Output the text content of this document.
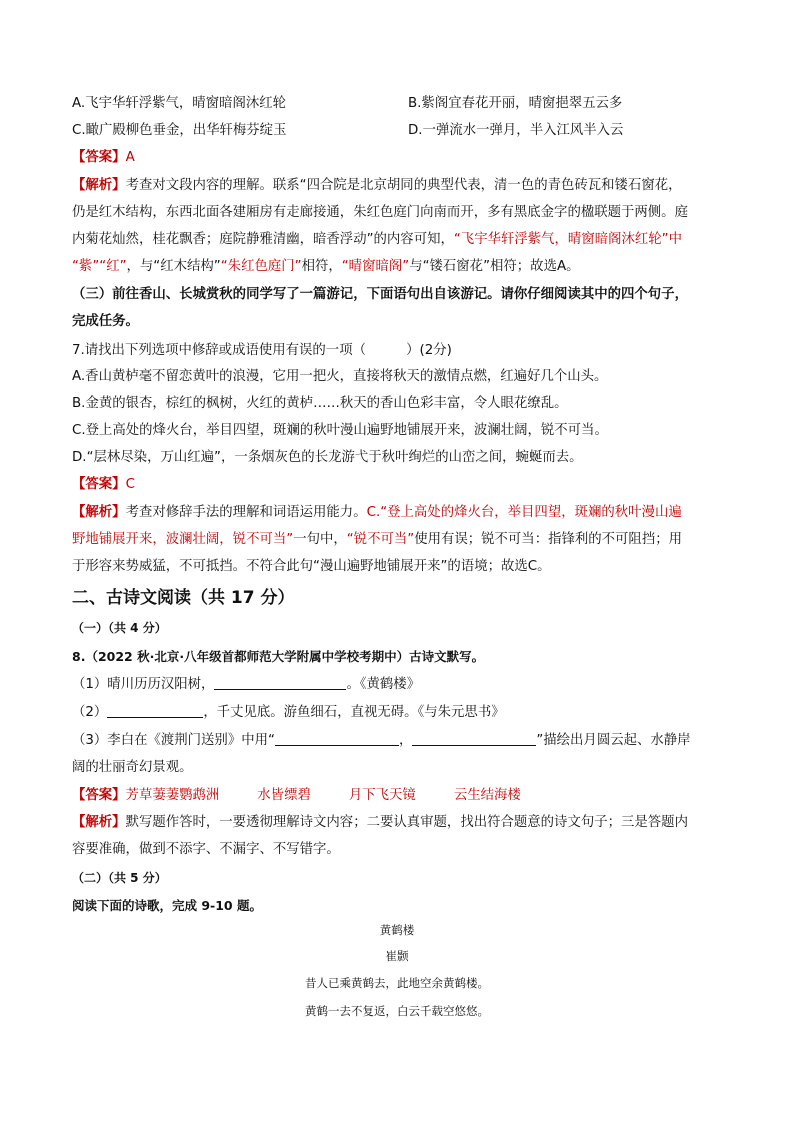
A.飞宇华轩浮紫气，晴窗暗阁沐红轮	B.紫阁宜春花开丽，晴窗挹翠五云多
C.瞰广殿柳色垂金，出华轩梅芬绽玉	D.一弹流水一弹月，半入江风半入云
【答案】A
【解析】考查对文段内容的理解。联系“四合院是北京胡同的典型代表，清一色的青色砖瓦和镂石窗花，
仍是红木结构，东西北面各建厢房有走廊接通，朱红色庭门向南而开，多有黑底金字的楹联题于两侧。庭
内菊花灿然，桂花飘香；庭院静雅清幽，暗香浮动”的内容可知，“飞宇华轩浮紫气，晴窗暗阁沐红轮”中
“紫”“红”，与“红木结构”“朱红色庭门”相符，“晴窗暗阁”与“镂石窗花”相符；故选A。
（三）前往香山、长城赏秋的同学写了一篇游记，下面语句出自该游记。请你仔细阅读其中的四个句子，
完成任务。
7.请找出下列选项中修辞或成语使用有误的一项（　　　）(2分)
A.香山黄栌毫不留恋黄叶的浪漫，它用一把火，直接将秋天的激情点燃，红遍好几个山头。
B.金黄的银杏，棕红的枫树，火红的黄栌……秋天的香山色彩丰富，令人眼花缭乱。
C.登上高处的烽火台，举目四望，斑斓的秋叶漫山遍野地铺展开来，波澜壮阔，锐不可当。
D.“层林尽染，万山红遍”，一条烟灰色的长龙游弋于秋叶绚烂的山峦之间，蜿蜒而去。
【答案】C
【解析】考查对修辞手法的理解和词语运用能力。C.“登上高处的烽火台，举目四望，斑斓的秋叶漫山遍
野地铺展开来，波澜壮阔，锐不可当”一句中，“锐不可当”使用有误；锐不可当：指锋利的不可阻挡；用
于形容来势威猛，不可抵挡。不符合此句“漫山遍野地铺展开来”的语境；故选C。
二、古诗文阅读（共 17 分）
（一）（共 4 分）
8.（2022 秋·北京·八年级首都师范大学附属中学校考期中）古诗文默写。
（1）晴川历历汉阳树，	。《黄鹤楼》
（2）	，千丈见底。游鱼细石，直视无碍。《与朱元思书》
（3）李白在《渡荆门送别》中用“	，	”描绘出月圆云起、水静岸
阔的壮丽奇幻景观。
【答案】芳草萋萋鹦鹉洲	水皆缥碧	月下飞天镜	云生结海楼
【解析】默写题作答时，一要透彻理解诗文内容；二要认真审题，找出符合题意的诗文句子；三是答题内
容要准确，做到不添字、不漏字、不写错字。
（二）（共 5 分）
阅读下面的诗歌，完成 9-10 题。
黄鹤楼
崔颢
昔人已乘黄鹤去，此地空余黄鹤楼。
黄鹤一去不复返，白云千载空悠悠。
